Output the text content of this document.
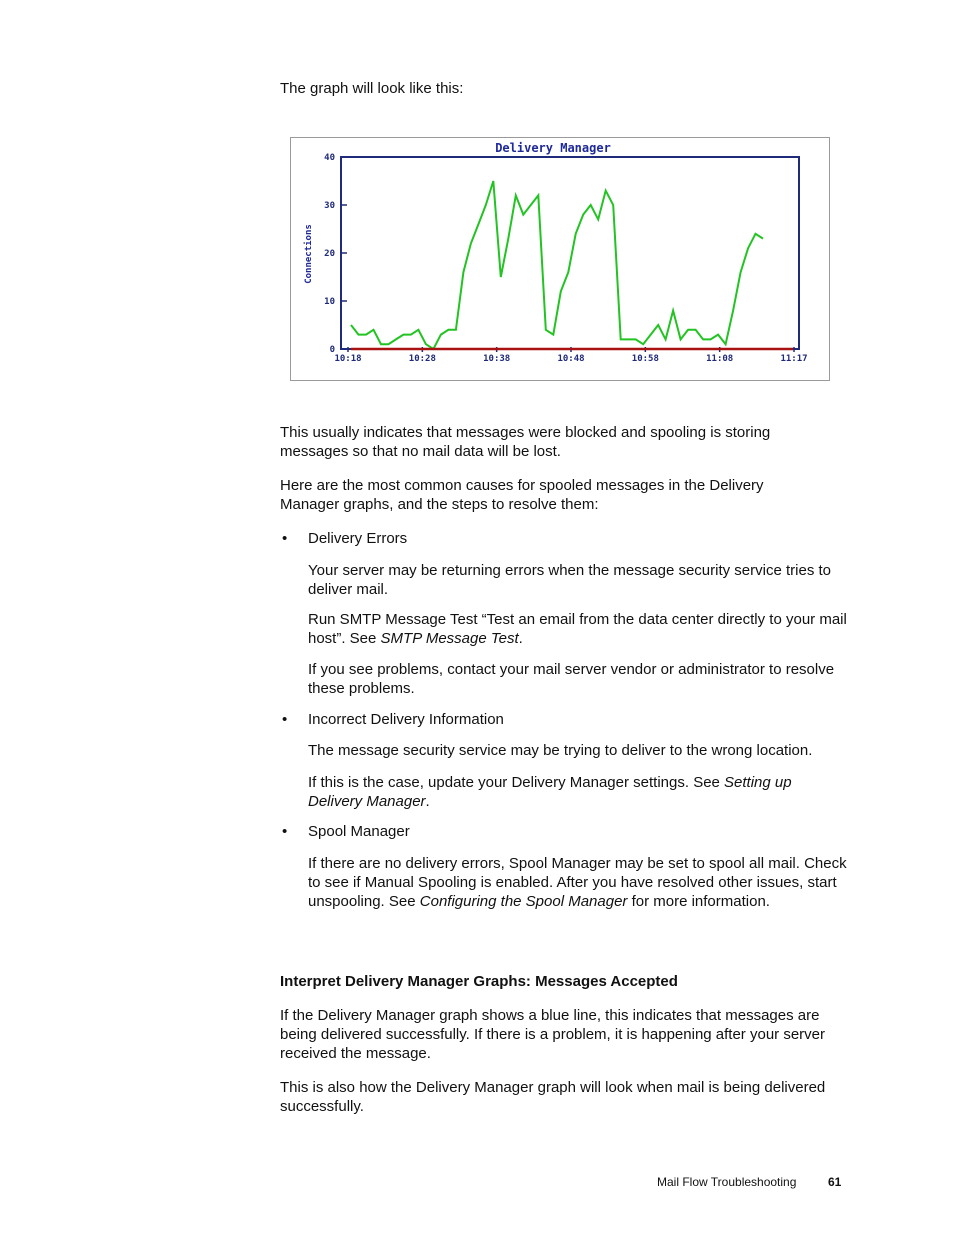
The graph will look like this:
Delivery Manager
Connections
0
10
20
30
40
10:18	10:28	10:38	10:48	10:58	11:08	11:17
This usually indicates that messages were blocked and spooling is storing messages so that no mail data will be lost.
Here are the most common causes for spooled messages in the Delivery Manager graphs, and the steps to resolve them:
• Delivery Errors
Your server may be returning errors when the message security service tries to deliver mail.
Run SMTP Message Test “Test an email from the data center directly to your mail host”. See SMTP Message Test.
If you see problems, contact your mail server vendor or administrator to resolve these problems.
• Incorrect Delivery Information
The message security service may be trying to deliver to the wrong location.
If this is the case, update your Delivery Manager settings. See Setting up Delivery Manager.
• Spool Manager
If there are no delivery errors, Spool Manager may be set to spool all mail. Check to see if Manual Spooling is enabled. After you have resolved other issues, start unspooling. See Configuring the Spool Manager for more information.
Interpret Delivery Manager Graphs: Messages Accepted
If the Delivery Manager graph shows a blue line, this indicates that messages are being delivered successfully. If there is a problem, it is happening after your server received the message.
This is also how the Delivery Manager graph will look when mail is being delivered successfully.
Mail Flow Troubleshooting	61
